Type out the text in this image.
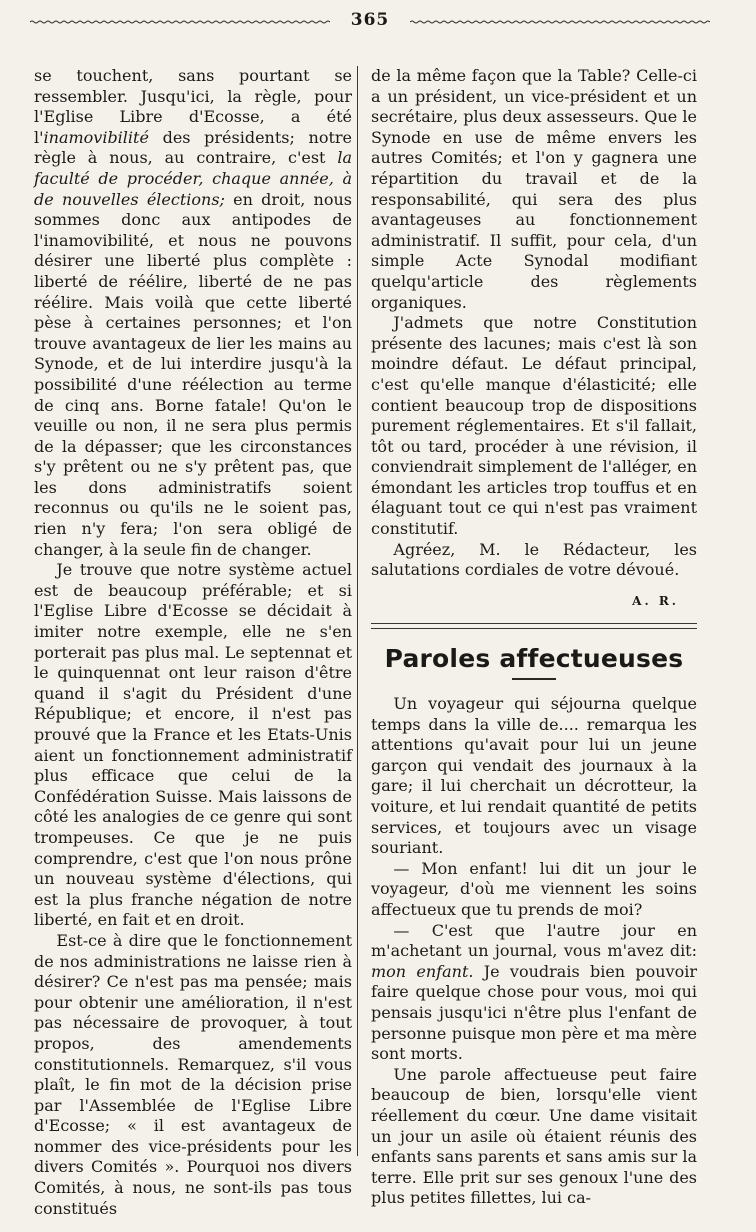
365

se touchent, sans pourtant se ressembler. Jusqu'ici, la règle, pour l'Eglise Libre d'Ecosse, a été l'inamovibilité des présidents; notre règle à nous, au contraire, c'est la faculté de procéder, chaque année, à de nouvelles élections; en droit, nous sommes donc aux antipodes de l'inamovibilité, et nous ne pouvons désirer une liberté plus complète : liberté de réélire, liberté de ne pas réélire. Mais voilà que cette liberté pèse à certaines personnes; et l'on trouve avantageux de lier les mains au Synode, et de lui interdire jusqu'à la possibilité d'une réélection au terme de cinq ans. Borne fatale! Qu'on le veuille ou non, il ne sera plus permis de la dépasser; que les circonstances s'y prêtent ou ne s'y prêtent pas, que les dons administratifs soient reconnus ou qu'ils ne le soient pas, rien n'y fera; l'on sera obligé de changer, à la seule fin de changer.

Je trouve que notre système actuel est de beaucoup préférable; et si l'Eglise Libre d'Ecosse se décidait à imiter notre exemple, elle ne s'en porterait pas plus mal. Le septennat et le quinquennat ont leur raison d'être quand il s'agit du Président d'une République; et encore, il n'est pas prouvé que la France et les Etats-Unis aient un fonctionnement administratif plus efficace que celui de la Confédération Suisse. Mais laissons de côté les analogies de ce genre qui sont trompeuses. Ce que je ne puis comprendre, c'est que l'on nous prône un nouveau système d'élections, qui est la plus franche négation de notre liberté, en fait et en droit.

Est-ce à dire que le fonctionnement de nos administrations ne laisse rien à désirer? Ce n'est pas ma pensée; mais pour obtenir une amélioration, il n'est pas nécessaire de provoquer, à tout propos, des amendements constitutionnels. Remarquez, s'il vous plaît, le fin mot de la décision prise par l'Assemblée de l'Eglise Libre d'Ecosse; « il est avantageux de nommer des vice-présidents pour les divers Comités ». Pourquoi nos divers Comités, à nous, ne sont-ils pas tous constitués

de la même façon que la Table? Celle-ci a un président, un vice-président et un secrétaire, plus deux assesseurs. Que le Synode en use de même envers les autres Comités; et l'on y gagnera une répartition du travail et de la responsabilité, qui sera des plus avantageuses au fonctionnement administratif. Il suffit, pour cela, d'un simple Acte Synodal modifiant quelqu'article des règlements organiques.

J'admets que notre Constitution présente des lacunes; mais c'est là son moindre défaut. Le défaut principal, c'est qu'elle manque d'élasticité; elle contient beaucoup trop de dispositions purement réglementaires. Et s'il fallait, tôt ou tard, procéder à une révision, il conviendrait simplement de l'alléger, en émondant les articles trop touffus et en élaguant tout ce qui n'est pas vraiment constitutif.

Agréez, M. le Rédacteur, les salutations cordiales de votre dévoué.

A. R.
Paroles affectueuses

Un voyageur qui séjourna quelque temps dans la ville de.... remarqua les attentions qu'avait pour lui un jeune garçon qui vendait des journaux à la gare; il lui cherchait un décrotteur, la voiture, et lui rendait quantité de petits services, et toujours avec un visage souriant.

— Mon enfant! lui dit un jour le voyageur, d'où me viennent les soins affectueux que tu prends de moi?

— C'est que l'autre jour en m'achetant un journal, vous m'avez dit: mon enfant. Je voudrais bien pouvoir faire quelque chose pour vous, moi qui pensais jusqu'ici n'être plus l'enfant de personne puisque mon père et ma mère sont morts.

Une parole affectueuse peut faire beaucoup de bien, lorsqu'elle vient réellement du cœur. Une dame visitait un jour un asile où étaient réunis des enfants sans parents et sans amis sur la terre. Elle prit sur ses genoux l'une des plus petites fillettes, lui ca-
